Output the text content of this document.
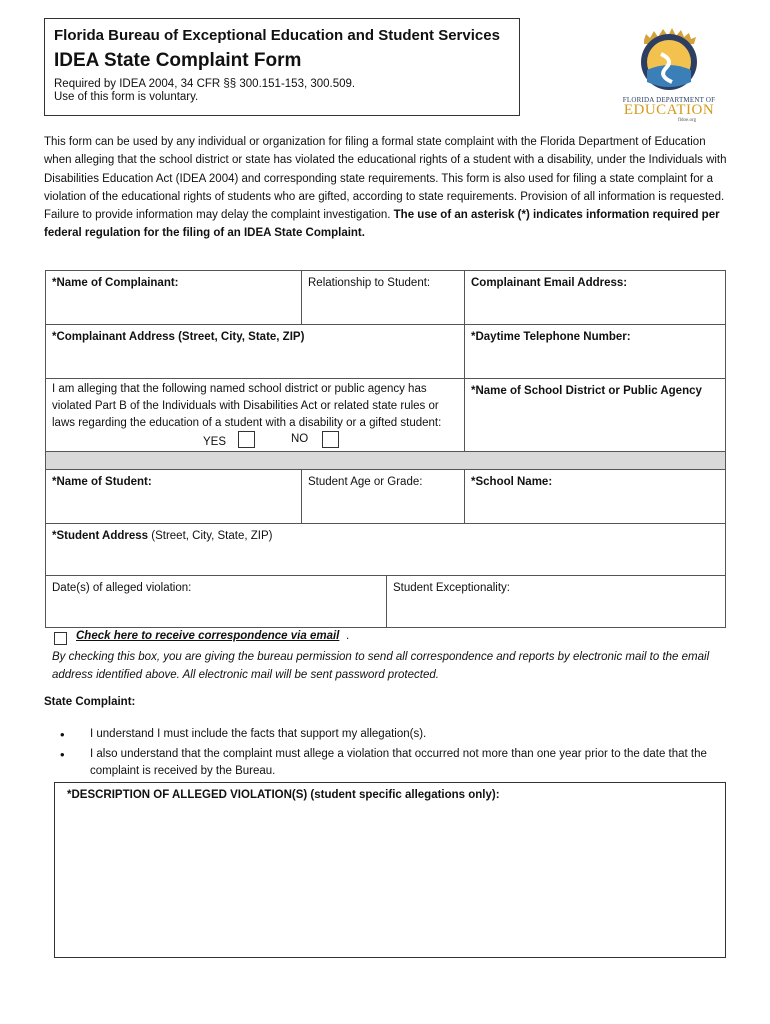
Florida Bureau of Exceptional Education and Student Services
IDEA State Complaint Form
Required by IDEA 2004, 34 CFR §§ 300.151-153, 300.509.
Use of this form is voluntary.	FLORIDA DEPARTMENT OF
EDUCATION
fldoe.org
This form can be used by any individual or organization for filing a formal state complaint with the Florida Department of Education when alleging that the school district or state has violated the educational rights of a student with a disability, under the Individuals with Disabilities Education Act (IDEA 2004) and corresponding state requirements. This form is also used for filing a state complaint for a violation of the educational rights of students who are gifted, according to state requirements. Provision of all information is requested. Failure to provide information may delay the complaint investigation. The use of an asterisk (*) indicates information required per federal regulation for the filing of an IDEA State Complaint.
*Name of Complainant:	Relationship to Student:	Complainant Email Address:
*Complainant Address (Street, City, State, ZIP)	*Daytime Telephone Number:
I am alleging that the following named school district or public agency has violated Part B of the Individuals with Disabilities Act or related state rules or laws regarding the education of a student with a disability or a gifted student:
*Name of School District or Public Agency
YES	NO
*Name of Student:	Student Age or Grade:	*School Name:
*Student Address (Street, City, State, ZIP)
Date(s) of alleged violation:	Student Exceptionality:
Check here to receive correspondence via email .
By checking this box, you are giving the bureau permission to send all correspondence and reports by electronic mail to the email address identified above. All electronic mail will be sent password protected.
State Complaint:
• I understand I must include the facts that support my allegation(s).
• I also understand that the complaint must allege a violation that occurred not more than one year prior to the date that the complaint is received by the Bureau.
*DESCRIPTION OF ALLEGED VIOLATION(S) (student specific allegations only):
